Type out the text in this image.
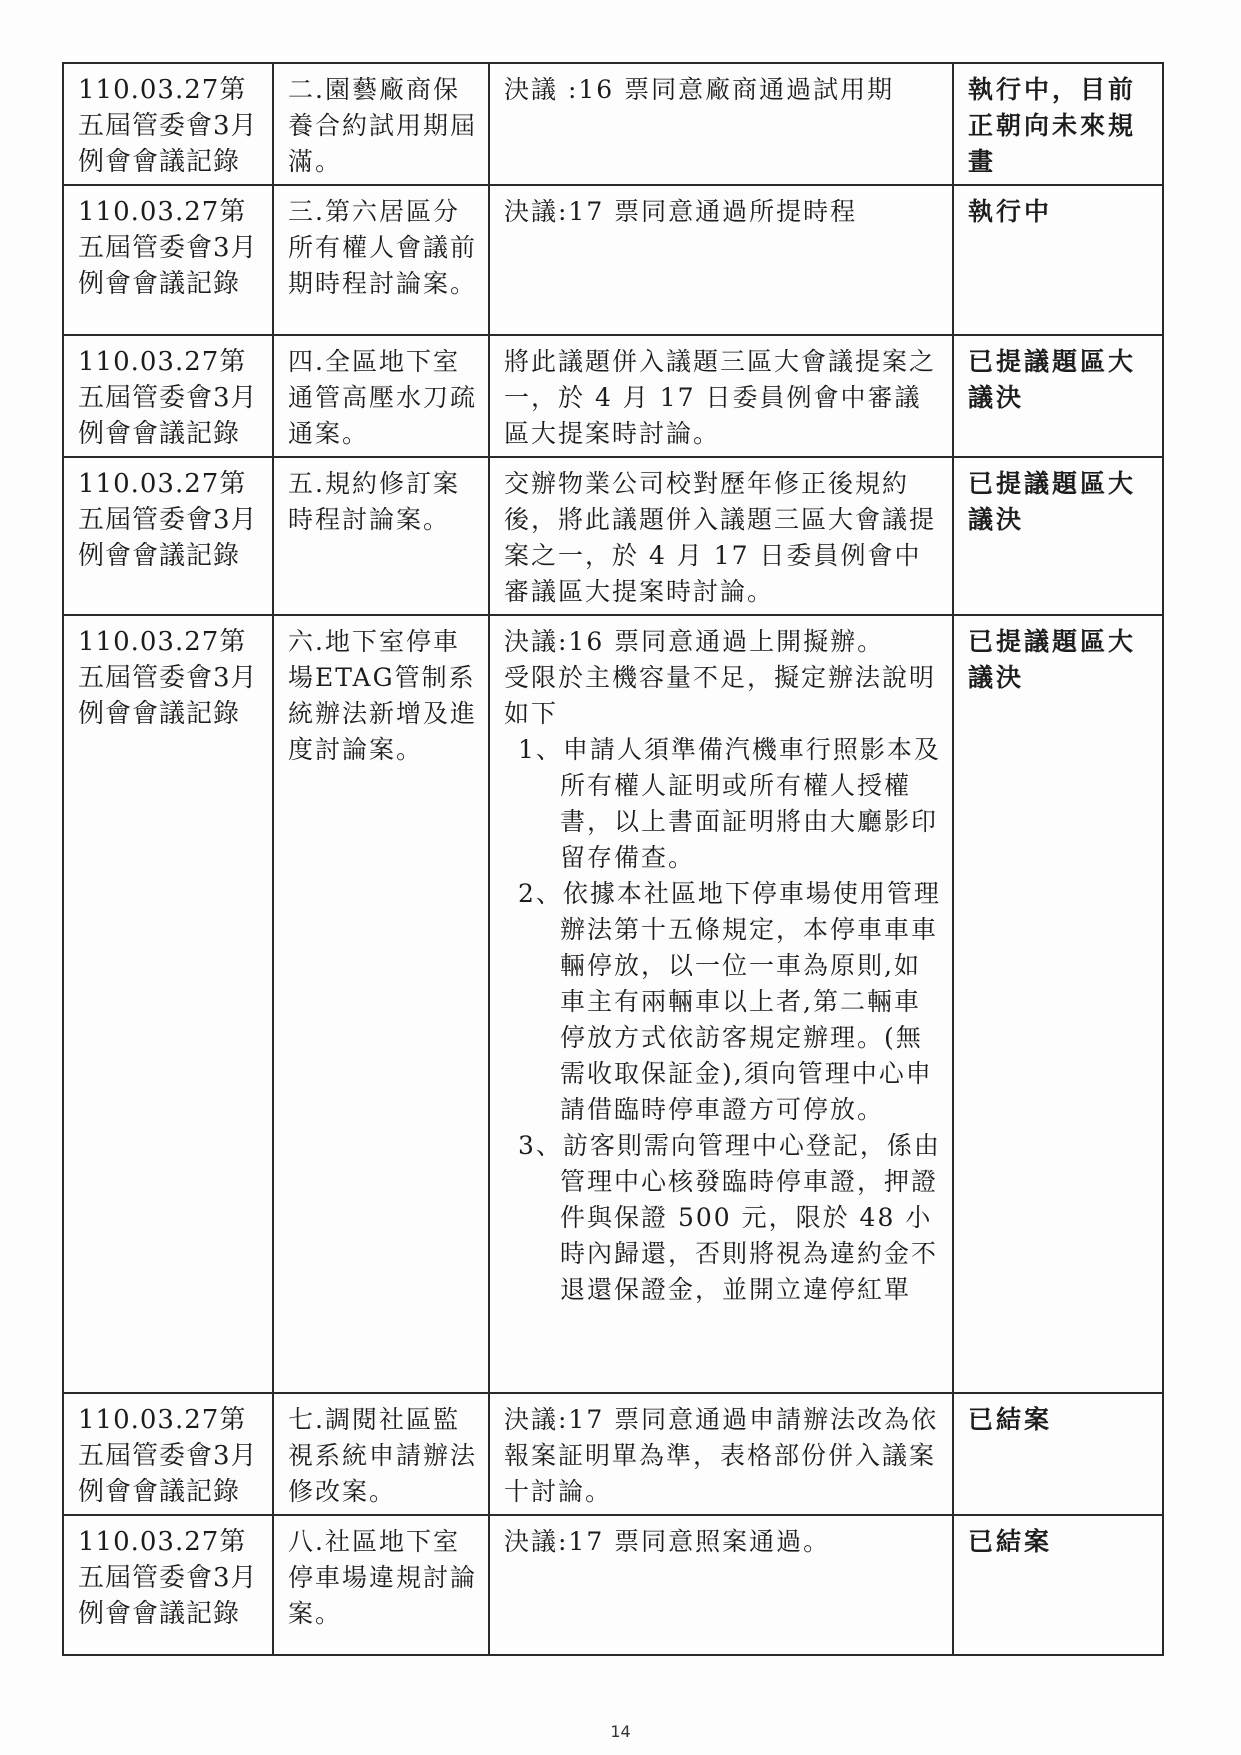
110.03.27第五屆管委會3月例會會議記錄	二.園藝廠商保養合約試用期屆滿。	決議 :16 票同意廠商通過試用期	執行中，目前正朝向未來規畫
110.03.27第五屆管委會3月例會會議記錄	三.第六居區分所有權人會議前期時程討論案。	決議:17 票同意通過所提時程	執行中
110.03.27第五屆管委會3月例會會議記錄	四.全區地下室通管高壓水刀疏通案。	將此議題併入議題三區大會議提案之一，於 4 月 17 日委員例會中審議區大提案時討論。	已提議題區大議決
110.03.27第五屆管委會3月例會會議記錄	五.規約修訂案時程討論案。	交辦物業公司校對歷年修正後規約後，將此議題併入議題三區大會議提案之一，於 4 月 17 日委員例會中審議區大提案時討論。	已提議題區大議決
110.03.27第五屆管委會3月例會會議記錄	六.地下室停車場ETAG管制系統辦法新增及進度討論案。	決議:16 票同意通過上開擬辦。
受限於主機容量不足，擬定辦法說明如下
1、申請人須準備汽機車行照影本及所有權人証明或所有權人授權書，以上書面証明將由大廳影印留存備查。
2、依據本社區地下停車場使用管理辦法第十五條規定，本停車車車輛停放，以一位一車為原則,如車主有兩輛車以上者,第二輛車停放方式依訪客規定辦理。(無需收取保証金),須向管理中心申請借臨時停車證方可停放。
3、訪客則需向管理中心登記，係由 管理中心核發臨時停車證，押證件與保證 500 元，限於 48 小時內歸還，否則將視為違約金不退還保證金，並開立違停紅單	已提議題區大議決
110.03.27第五屆管委會3月例會會議記錄	七.調閱社區監視系統申請辦法修改案。	決議:17 票同意通過申請辦法改為依報案証明單為準，表格部份併入議案十討論。	已結案
110.03.27第五屆管委會3月例會會議記錄	八.社區地下室停車場違規討論案。	決議:17 票同意照案通過。	已結案
14
